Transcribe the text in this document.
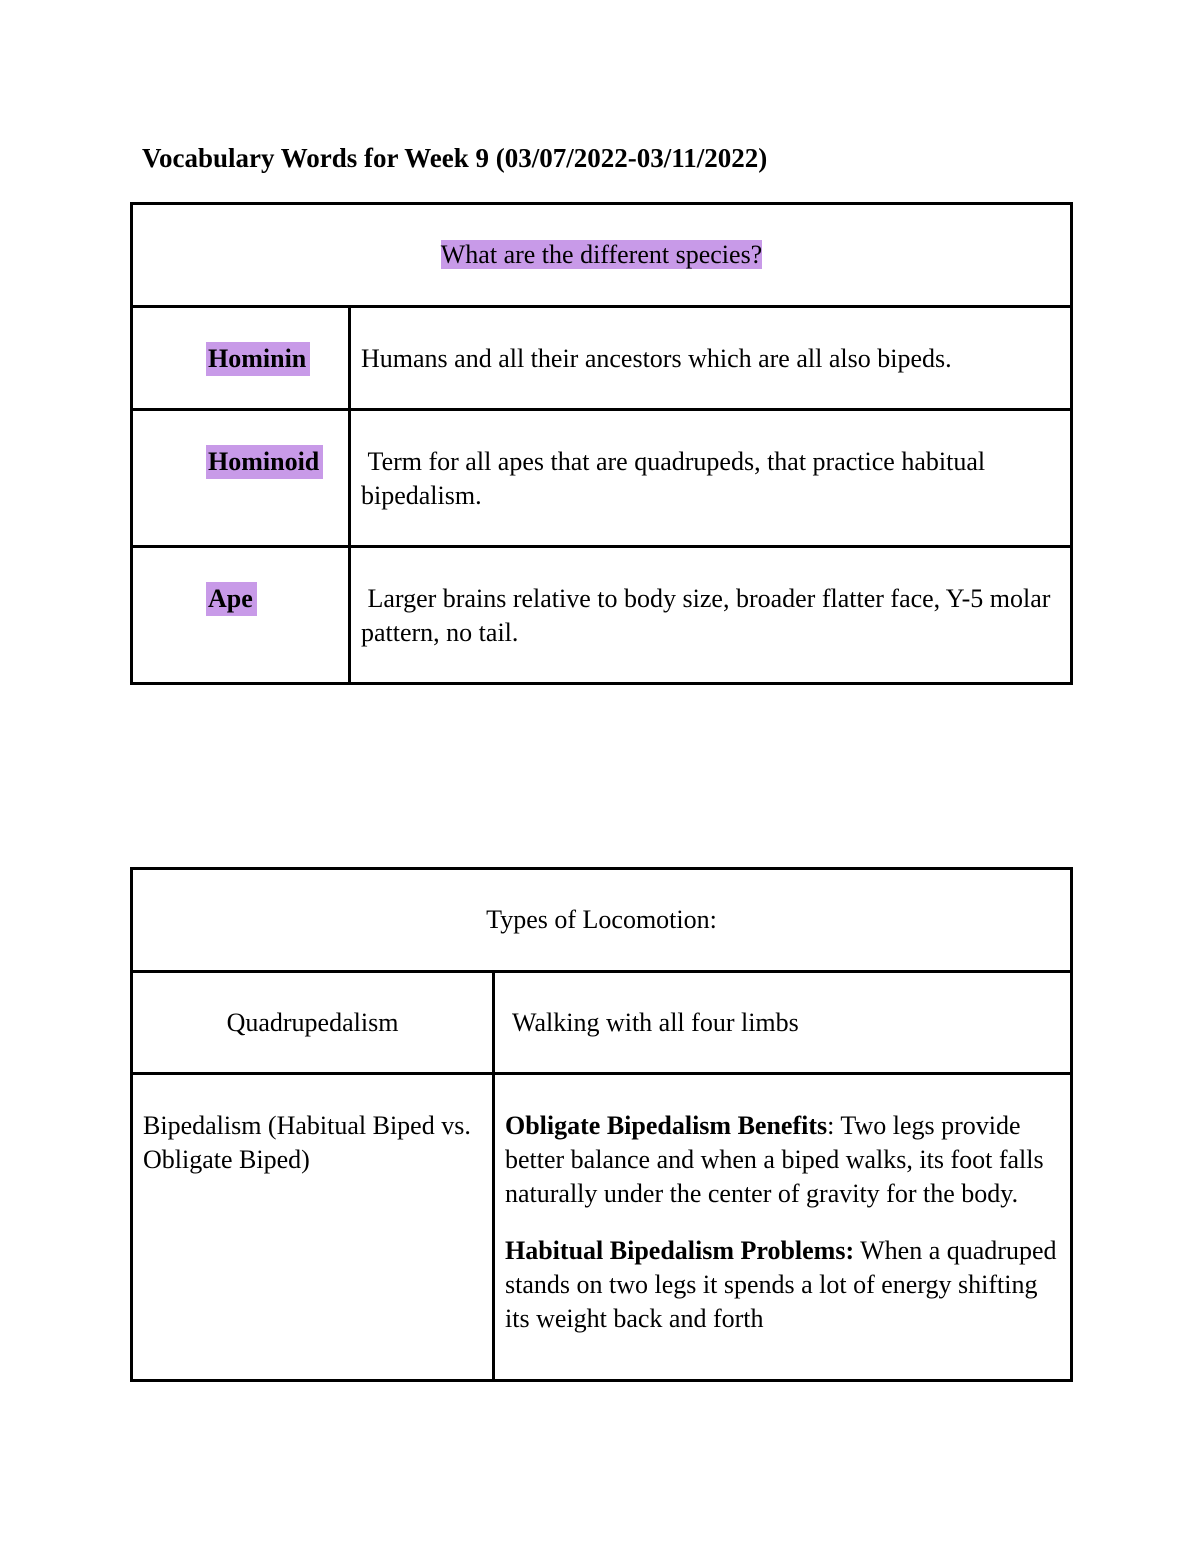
Vocabulary Words for Week 9 (03/07/2022-03/11/2022)
What are the different species?	
Hominin	Humans and all their ancestors which are all also bipeds.
Hominoid	Term for all apes that are quadrupeds, that practice habitual bipedalism.
Ape	Larger brains relative to body size, broader flatter face, Y-5 molar pattern, no tail.
Types of Locomotion:	
Quadrupedalism	Walking with all four limbs
Bipedalism (Habitual Biped vs. Obligate Biped)	Obligate Bipedalism Benefits: Two legs provide better balance and when a biped walks, its foot falls naturally under the center of gravity for the body.

Habitual Bipedalism Problems: When a quadruped stands on two legs it spends a lot of energy shifting its weight back and forth
